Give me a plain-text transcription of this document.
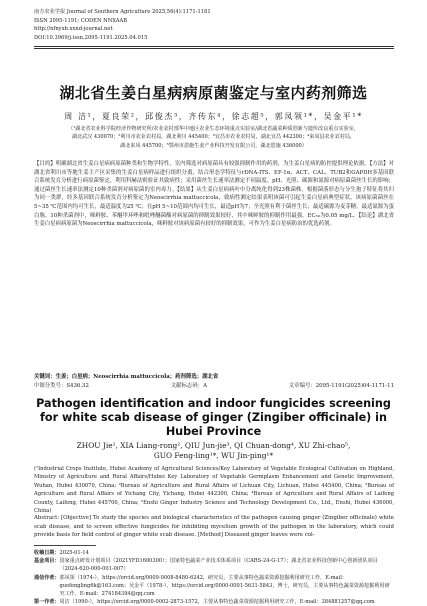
南方农业学报 Journal of Southern Agriculture 2025,56(4):1171-1181
ISSN 2095-1191; CODEN NNXAAB
http://nfnyxb.xxnd-journal.net
DOI:10.3969/j.issn.2095-1191.2025.04.015
湖北省生姜白星病病原菌鉴定与室内药剂筛选
周 洁¹，夏良荣²，邱俊杰³，齐传东⁴，徐志超⁵，郭凤领¹*，吴金平¹*
（¹湖北省农业科学院经济作物研究所/农业农村部华中地区农业生态环境重点实验室/湖北省蔬菜种质创新与遗传改良重点实验室，
湖北武汉 430070；²利川市农业农村局，湖北利川 445400；³宜昌市农业农村局，湖北宜昌 442300；⁴来凤县农业农村局，
湖北来凤 445700；⁵鄂州市恩施生姜产业科技开发有限公司，湖北恩施 436000）
【目的】明确湖北省生姜白星病病原菌种类和生物学特性，室内筛选对病原菌具有较强抑制作用的药剂，为生姜白星病的防控提供理论依据。【方法】对湖北省利川市等地生姜主产区采集的生姜白星病样品进行组织分离，结合形态学特征与rDNA-ITS、EF-1α、ACT、CAL、TUB2和GAPDH多基因联合系统发育分析进行病原菌鉴定，利用科赫法则验证其致病性；采用菌丝生长速率法测定不同温度、pH、光照、碳源和氮源对病原菌菌丝生长的影响；通过菌丝生长速率法测定10种杀菌剂对病原菌的室内毒力。【结果】从生姜白星病病叶中分离纯化得到23株菌株，根据菌落形态与分生孢子特征将其归为同一类群，经多基因联合系统发育分析鉴定为Neoscirrhia mattuccicola，致病性测定结果表明该菌可引起生姜白星病典型症状。该病原菌菌丝在5~35 ℃范围内均可生长，最适温度为25 ℃；在pH 5~10范围内均可生长，最适pH为7；全光照有利于菌丝生长；最适碳源为麦芽糖，最适氮源为蛋白胨。10种杀菌剂中，咪鲜胺、苯醚甲环唑和吡唑醚菌酯对病原菌的抑制效果较好，其中咪鲜胺的抑制作用最强，EC₅₀为0.05 mg/L。【结论】湖北省生姜白星病病原菌为Neoscirrhia mattuccicola，咪鲜胺对该病原菌有较好的抑制效果，可作为生姜白星病防治的优选药剂。
关键词：生姜；白星病；Neoscirrhia mattuccicola；药剂筛选；湖北省
中图分类号：S436.32	文献标志码：A	文章编号：2095-1191(2025)04-1171-11
Pathogen identification and indoor fungicides screening for white scab disease of ginger (Zingiber officinale) in Hubei Province
ZHOU Jie¹, XIA Liang-rong², QIU Jun-jie³, QI Chuan-dong⁴, XU Zhi-chao⁵,
GUO Feng-ling¹*, WU Jin-ping¹*
(¹Industrial Crops Institute, Hubei Academy of Agricultural Sciences/Key Laboratory of Vegetable Ecological Cultivation on Highland, Ministry of Agriculture and Rural Affairs/Hubei Key Laboratory of Vegetable Germplasm Enhancement and Genetic Improvement, Wuhan, Hubei 430070, China; ²Bureau of Agriculture and Rural Affairs of Lichuan City, Lichuan, Hubei 445400, China; ³Bureau of Agriculture and Rural Affairs of Yichang City, Yichang, Hubei 442300, China; ⁴Bureau of Agriculture and Rural Affairs of Laifeng County, Laifeng, Hubei 445700, China; ⁵Enshi Ginger Industry Science and Technology Development Co., Ltd., Enshi, Hubei 436000, China)
Abstract: [Objective] To study the species and biological characteristics of the pathogen causing ginger (Zingiber officinale) white scab disease, and to screen effective fungicides for inhibiting mycelium growth of the pathogen in the laboratory, which could provide basis for field control of ginger white scab disease. [Method] Diseased ginger leaves were col-
收稿日期： 2025-01-14
基金项目： 国家重点研发计划项目（2021YFD1600300）；国家特色蔬菜产业技术体系项目（CARS-24-G-17）；湖北省农业科技创新中心创新团队项目（2024-620-000-001-007）
通信作者： 郭凤领（1974-），https://orcid.org/0009-0008-8480-6242，研究员，主要从事特色蔬菜资源挖掘利用研究工作，E-mail：guofengling6k@163.com；吴金平（1978-），https://orcid.org/0000-0001-5631-5843，博士，研究员，主要从事特色蔬菜资源挖掘利用研究工作，E-mail：274184394@qq.com
第一作者： 周洁（1990-），https://orcid.org/0000-0002-2873-1572，主要从事特色蔬菜资源挖掘利用研究工作，E-mail：384881257@qq.com
